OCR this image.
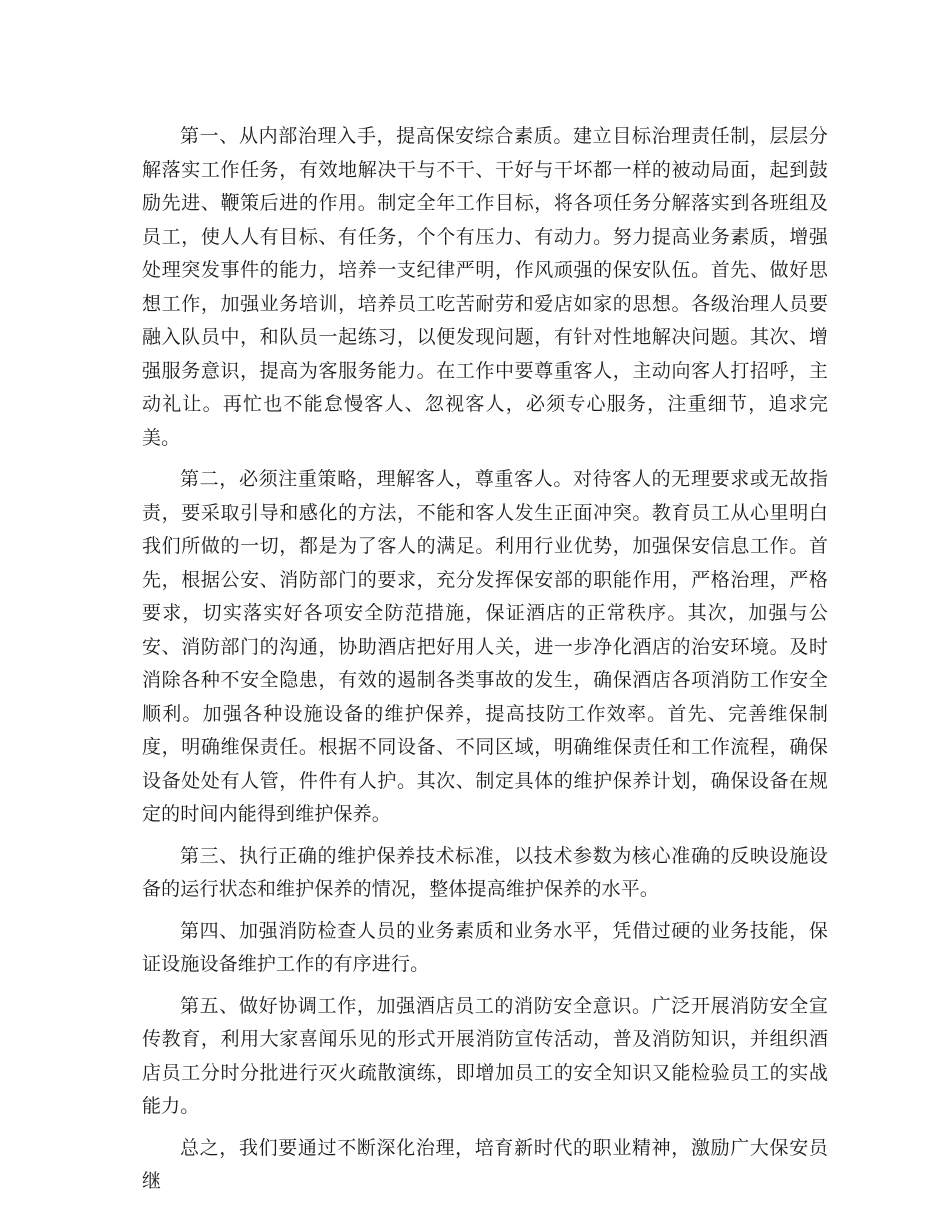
第一、从内部治理入手，提高保安综合素质。建立目标治理责任制，层层分解落实工作任务，有效地解决干与不干、干好与干坏都一样的被动局面，起到鼓励先进、鞭策后进的作用。制定全年工作目标，将各项任务分解落实到各班组及员工，使人人有目标、有任务，个个有压力、有动力。努力提高业务素质，增强处理突发事件的能力，培养一支纪律严明，作风顽强的保安队伍。首先、做好思想工作，加强业务培训，培养员工吃苦耐劳和爱店如家的思想。各级治理人员要融入队员中，和队员一起练习，以便发现问题，有针对性地解决问题。其次、增强服务意识，提高为客服务能力。在工作中要尊重客人，主动向客人打招呼，主动礼让。再忙也不能怠慢客人、忽视客人，必须专心服务，注重细节，追求完美。

第二，必须注重策略，理解客人，尊重客人。对待客人的无理要求或无故指责，要采取引导和感化的方法，不能和客人发生正面冲突。教育员工从心里明白我们所做的一切，都是为了客人的满足。利用行业优势，加强保安信息工作。首先，根据公安、消防部门的要求，充分发挥保安部的职能作用，严格治理，严格要求，切实落实好各项安全防范措施，保证酒店的正常秩序。其次，加强与公安、消防部门的沟通，协助酒店把好用人关，进一步净化酒店的治安环境。及时消除各种不安全隐患，有效的遏制各类事故的发生，确保酒店各项消防工作安全顺利。加强各种设施设备的维护保养，提高技防工作效率。首先、完善维保制度，明确维保责任。根据不同设备、不同区域，明确维保责任和工作流程，确保设备处处有人管，件件有人护。其次、制定具体的维护保养计划，确保设备在规定的时间内能得到维护保养。

第三、执行正确的维护保养技术标准，以技术参数为核心准确的反映设施设备的运行状态和维护保养的情况，整体提高维护保养的水平。

第四、加强消防检查人员的业务素质和业务水平，凭借过硬的业务技能，保证设施设备维护工作的有序进行。

第五、做好协调工作，加强酒店员工的消防安全意识。广泛开展消防安全宣传教育，利用大家喜闻乐见的形式开展消防宣传活动，普及消防知识，并组织酒店员工分时分批进行灭火疏散演练，即增加员工的安全知识又能检验员工的实战能力。

总之，我们要通过不断深化治理，培育新时代的职业精神，激励广大保安员继
